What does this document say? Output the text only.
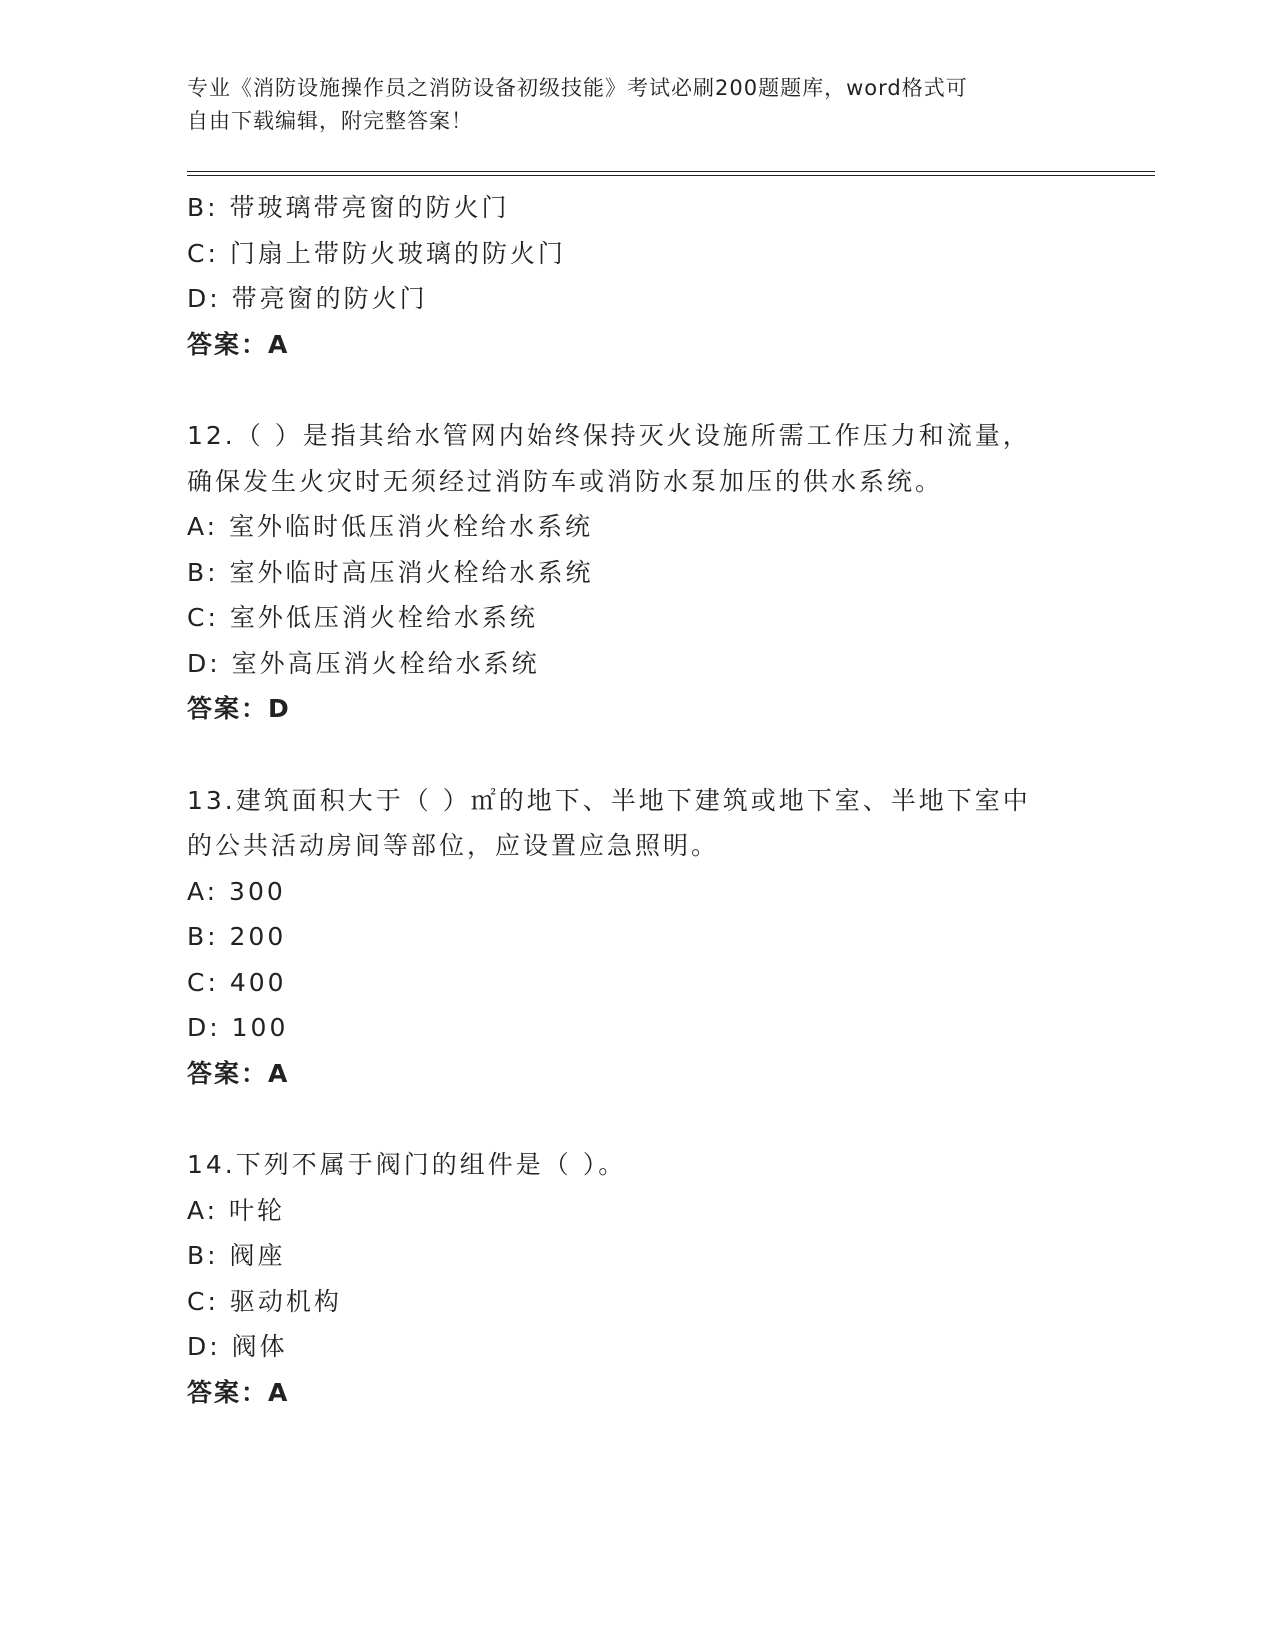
专业《消防设施操作员之消防设备初级技能》考试必刷200题题库，word格式可
自由下载编辑，附完整答案！
B: 带玻璃带亮窗的防火门
C: 门扇上带防火玻璃的防火门
D: 带亮窗的防火门
答案：A
12.（ ）是指其给水管网内始终保持灭火设施所需工作压力和流量，
确保发生火灾时无须经过消防车或消防水泵加压的供水系统。
A: 室外临时低压消火栓给水系统
B: 室外临时高压消火栓给水系统
C: 室外低压消火栓给水系统
D: 室外高压消火栓给水系统
答案：D
13.建筑面积大于（ ）㎡的地下、半地下建筑或地下室、半地下室中
的公共活动房间等部位，应设置应急照明。
A: 300
B: 200
C: 400
D: 100
答案：A
14.下列不属于阀门的组件是（ ）。
A: 叶轮
B: 阀座
C: 驱动机构
D: 阀体
答案：A
